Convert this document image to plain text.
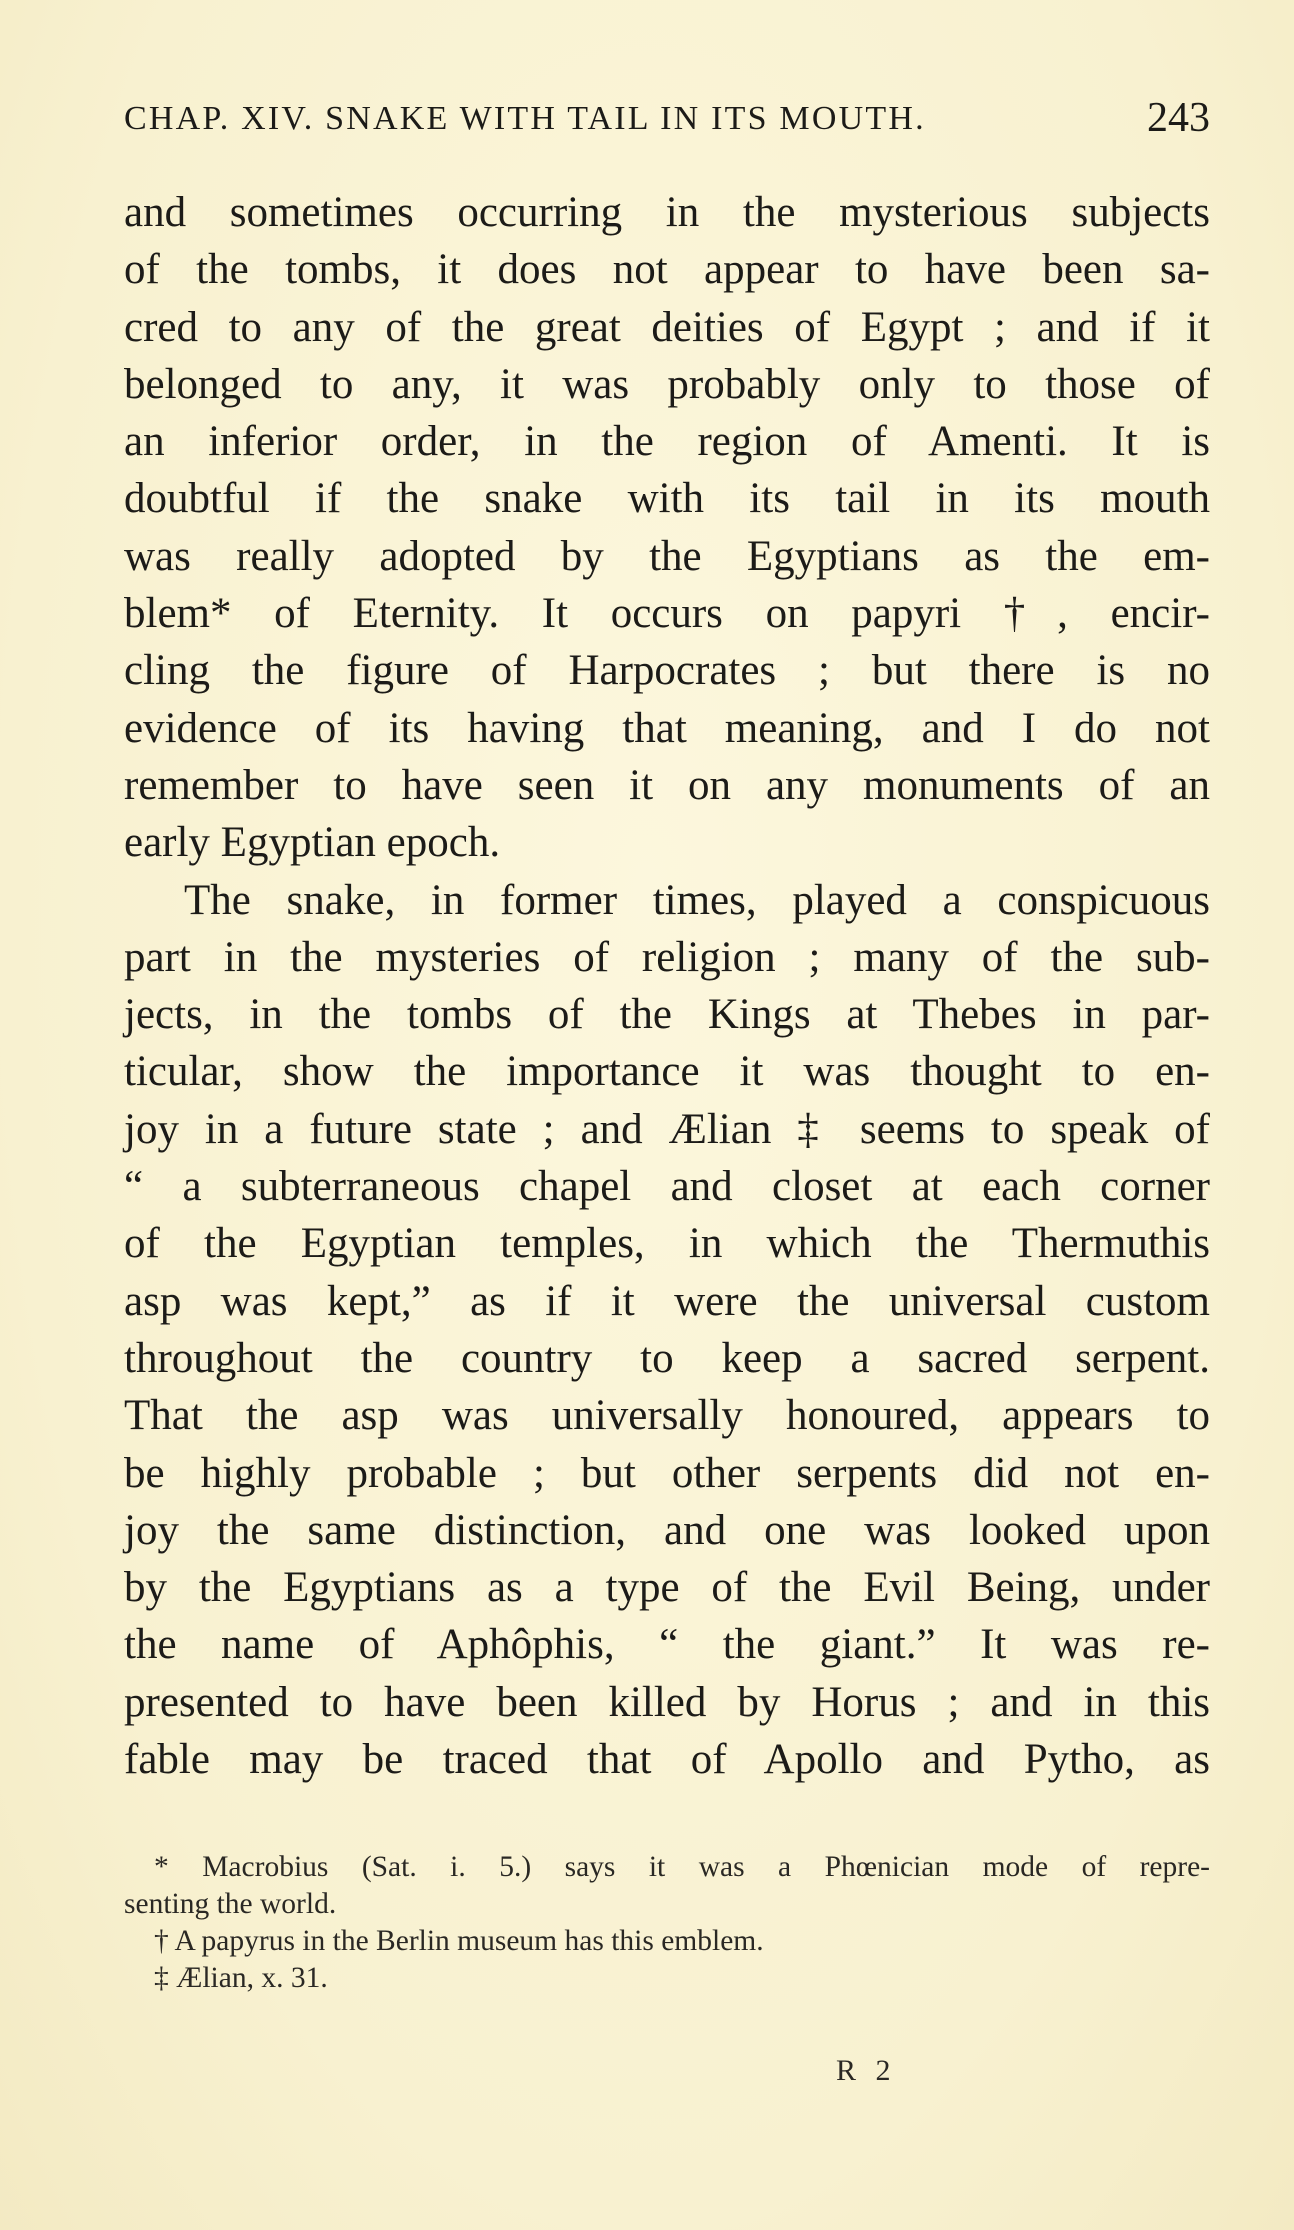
CHAP. XIV. SNAKE WITH TAIL IN ITS MOUTH.	243
and sometimes occurring in the mysterious subjects
of the tombs, it does not appear to have been sa-
cred to any of the great deities of Egypt ; and if it
belonged to any, it was probably only to those of
an inferior order, in the region of Amenti. It is
doubtful if the snake with its tail in its mouth
was really adopted by the Egyptians as the em-
blem* of Eternity. It occurs on papyri †, encir-
cling the figure of Harpocrates ; but there is no
evidence of its having that meaning, and I do not
remember to have seen it on any monuments of an
early Egyptian epoch.
The snake, in former times, played a conspicuous
part in the mysteries of religion ; many of the sub-
jects, in the tombs of the Kings at Thebes in par-
ticular, show the importance it was thought to en-
joy in a future state ; and Ælian ‡ seems to speak of
“ a subterraneous chapel and closet at each corner
of the Egyptian temples, in which the Thermuthis
asp was kept,” as if it were the universal custom
throughout the country to keep a sacred serpent.
That the asp was universally honoured, appears to
be highly probable ; but other serpents did not en-
joy the same distinction, and one was looked upon
by the Egyptians as a type of the Evil Being, under
the name of Aphôphis, “ the giant.” It was re-
presented to have been killed by Horus ; and in this
fable may be traced that of Apollo and Pytho, as
* Macrobius (Sat. i. 5.) says it was a Phœnician mode of repre-
senting the world.
† A papyrus in the Berlin museum has this emblem.
‡ Ælian, x. 31.
R 2
